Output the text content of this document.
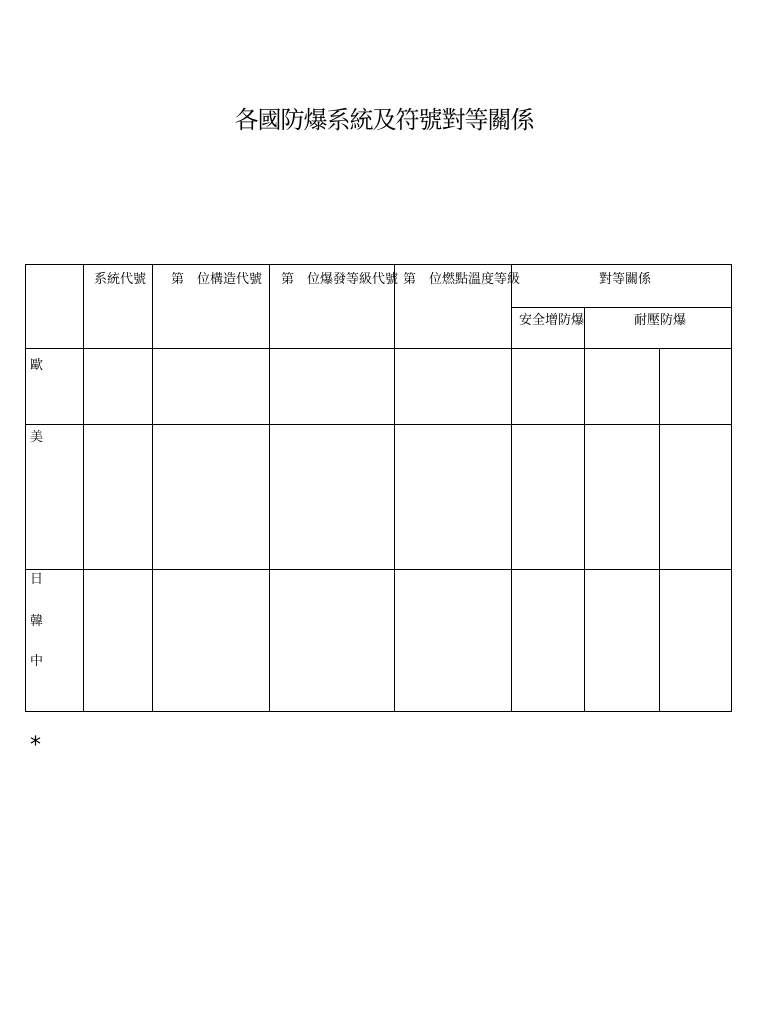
各國防爆系統及符號對等關係
系統代號 第　位構造代號 第　位爆發等級代號 第　位燃點溫度等級	對等關係
安全增防爆	耐壓防爆
歐
美
日
韓
中
*
